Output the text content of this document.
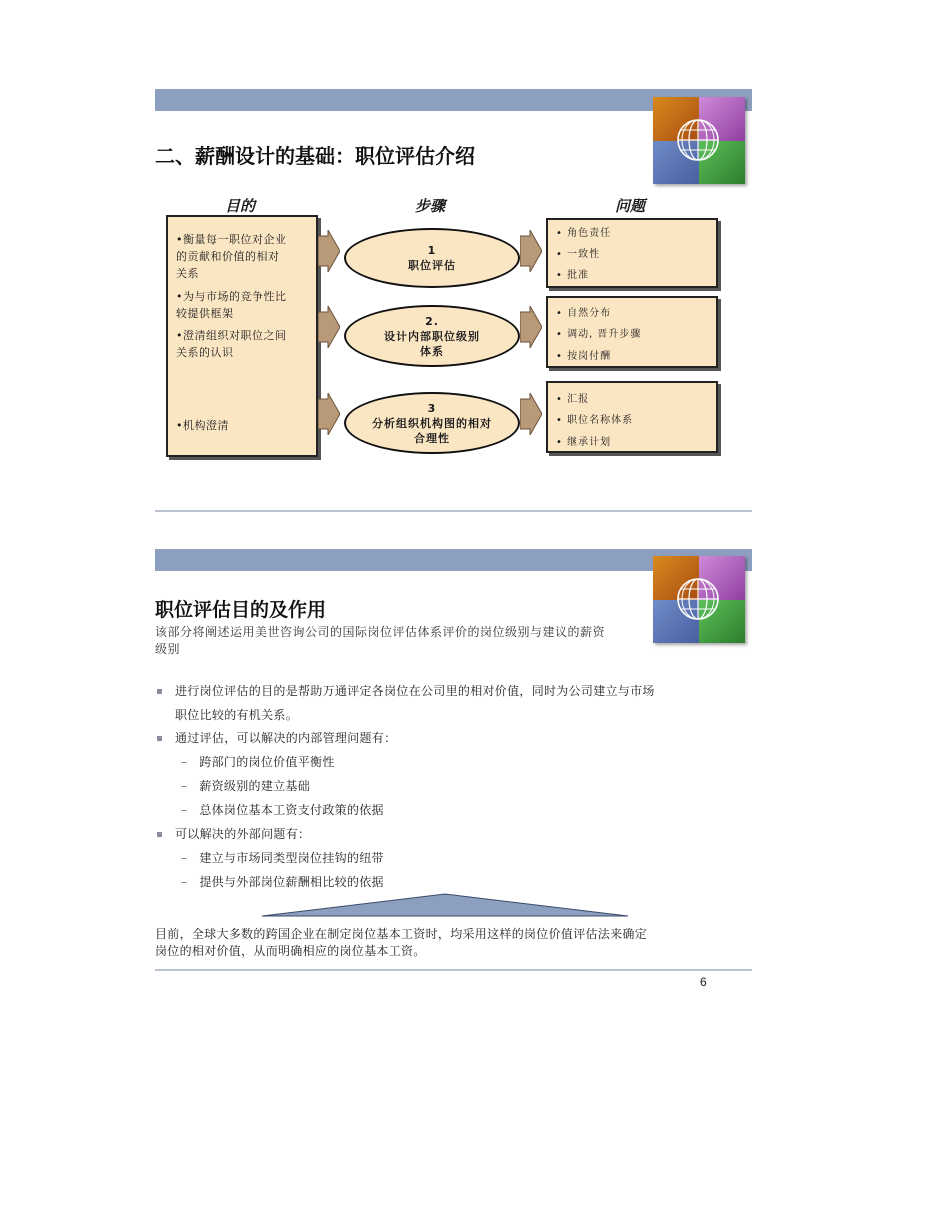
二、薪酬设计的基础：职位评估介绍
目的	步骤	问题
•衡量每一职位对企业
的贡献和价值的相对
关系
•为与市场的竞争性比
较提供框架
•澄清组织对职位之间
关系的认识
•机构澄清
1
职位评估
2.
设计内部职位级别
体系
3
分析组织机构图的相对
合理性
• 角色责任
• 一致性
• 批准
• 自然分布
• 调动, 晋升步骤
• 按岗付酬
• 汇报
• 职位名称体系
• 继承计划
职位评估目的及作用
该部分将阐述运用美世咨询公司的国际岗位评估体系评价的岗位级别与建议的薪资
级别
进行岗位评估的目的是帮助万通评定各岗位在公司里的相对价值，同时为公司建立与市场
职位比较的有机关系。
通过评估，可以解决的内部管理问题有：
– 跨部门的岗位价值平衡性
– 薪资级别的建立基础
– 总体岗位基本工资支付政策的依据
可以解决的外部问题有：
– 建立与市场同类型岗位挂钩的纽带
– 提供与外部岗位薪酬相比较的依据
目前，全球大多数的跨国企业在制定岗位基本工资时，均采用这样的岗位价值评估法来确定
岗位的相对价值，从而明确相应的岗位基本工资。
6
